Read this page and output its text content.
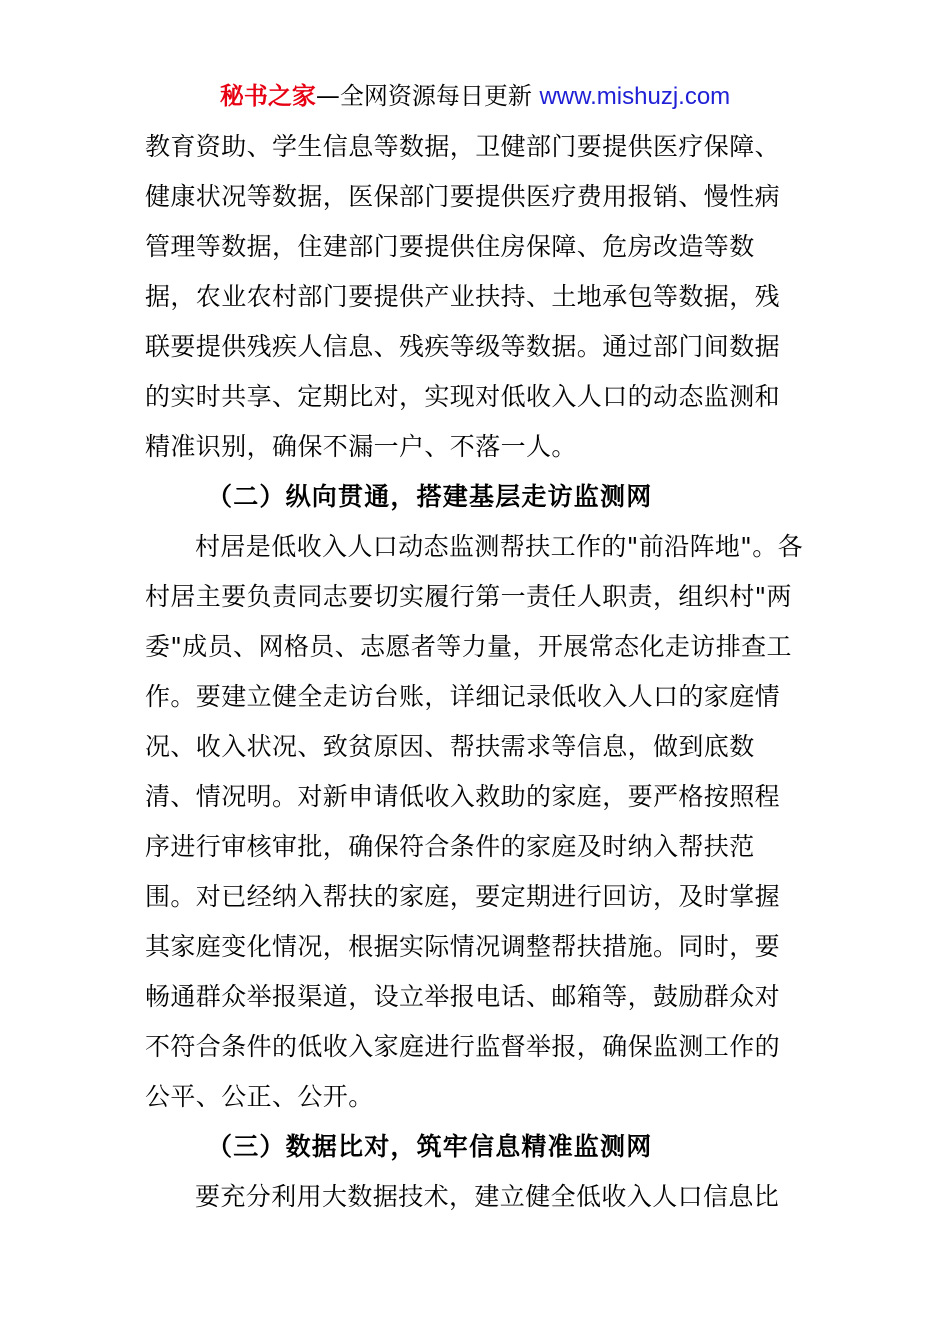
秘书之家—全网资源每日更新 www.mishuzj.com
教育资助、学生信息等数据，卫健部门要提供医疗保障、
健康状况等数据，医保部门要提供医疗费用报销、慢性病
管理等数据，住建部门要提供住房保障、危房改造等数
据，农业农村部门要提供产业扶持、土地承包等数据，残
联要提供残疾人信息、残疾等级等数据。通过部门间数据
的实时共享、定期比对，实现对低收入人口的动态监测和
精准识别，确保不漏一户、不落一人。
（二）纵向贯通，搭建基层走访监测网
村居是低收入人口动态监测帮扶工作的"前沿阵地"。各
村居主要负责同志要切实履行第一责任人职责，组织村"两
委"成员、网格员、志愿者等力量，开展常态化走访排查工
作。要建立健全走访台账，详细记录低收入人口的家庭情
况、收入状况、致贫原因、帮扶需求等信息，做到底数
清、情况明。对新申请低收入救助的家庭，要严格按照程
序进行审核审批，确保符合条件的家庭及时纳入帮扶范
围。对已经纳入帮扶的家庭，要定期进行回访，及时掌握
其家庭变化情况，根据实际情况调整帮扶措施。同时，要
畅通群众举报渠道，设立举报电话、邮箱等，鼓励群众对
不符合条件的低收入家庭进行监督举报，确保监测工作的
公平、公正、公开。
（三）数据比对，筑牢信息精准监测网
要充分利用大数据技术，建立健全低收入人口信息比
